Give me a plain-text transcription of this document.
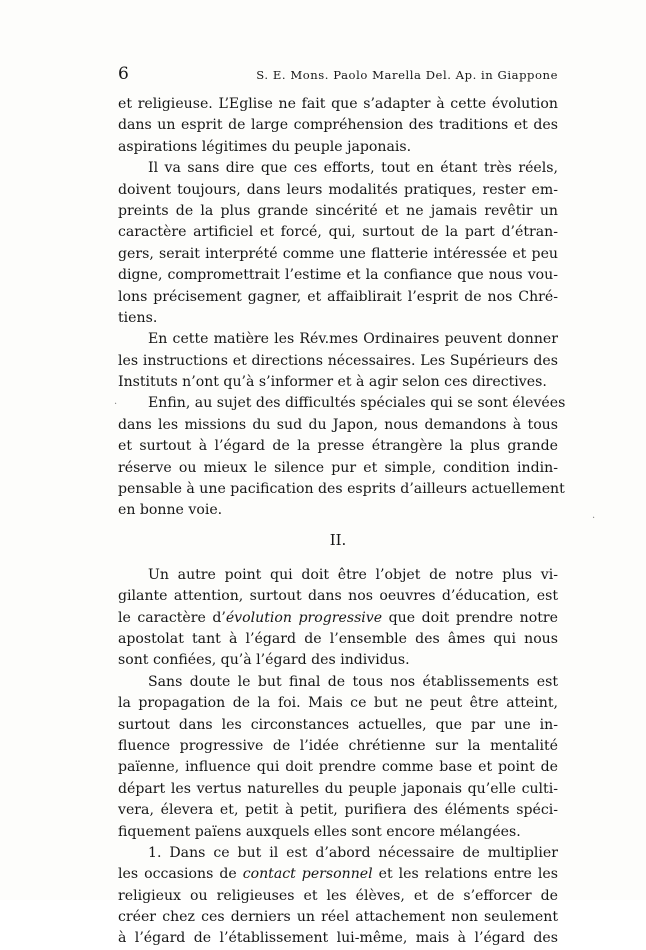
6	S. E. Mons. Paolo Marella Del. Ap. in Giappone
·
·
et religieuse. L’Eglise ne fait que s’adapter à cette évolution
dans un esprit de large compréhension des traditions et des
aspirations légitimes du peuple japonais.
Il va sans dire que ces efforts, tout en étant très réels,
doivent toujours, dans leurs modalités pratiques, rester em-
preints de la plus grande sincérité et ne jamais revêtir un
caractère artificiel et forcé, qui, surtout de la part d’étran-
gers, serait interprété comme une flatterie intéressée et peu
digne, compromettrait l’estime et la confiance que nous vou-
lons précisement gagner, et affaiblirait l’esprit de nos Chré-
tiens.
En cette matière les Rév.mes Ordinaires peuvent donner
les instructions et directions nécessaires. Les Supérieurs des
Instituts n’ont qu’à s’informer et à agir selon ces directives.
Enfin, au sujet des difficultés spéciales qui se sont élevées
dans les missions du sud du Japon, nous demandons à tous
et surtout à l’égard de la presse étrangère la plus grande
réserve ou mieux le silence pur et simple, condition indin-
pensable à une pacification des esprits d’ailleurs actuellement
en bonne voie.
II.
Un autre point qui doit être l’objet de notre plus vi-
gilante attention, surtout dans nos oeuvres d’éducation, est
le caractère d’évolution progressive que doit prendre notre
apostolat tant à l’égard de l’ensemble des âmes qui nous
sont confiées, qu’à l’égard des individus.
Sans doute le but final de tous nos établissements est
la propagation de la foi. Mais ce but ne peut être atteint,
surtout dans les circonstances actuelles, que par une in-
fluence progressive de l’idée chrétienne sur la mentalité
païenne, influence qui doit prendre comme base et point de
départ les vertus naturelles du peuple japonais qu’elle culti-
vera, élevera et, petit à petit, purifiera des éléments spéci-
fiquement païens auxquels elles sont encore mélangées.
1. Dans ce but il est d’abord nécessaire de multiplier
les occasions de contact personnel et les relations entre les
religieux ou religieuses et les élèves, et de s’efforcer de
créer chez ces derniers un réel attachement non seulement
à l’égard de l’établissement lui-même, mais à l’égard des
